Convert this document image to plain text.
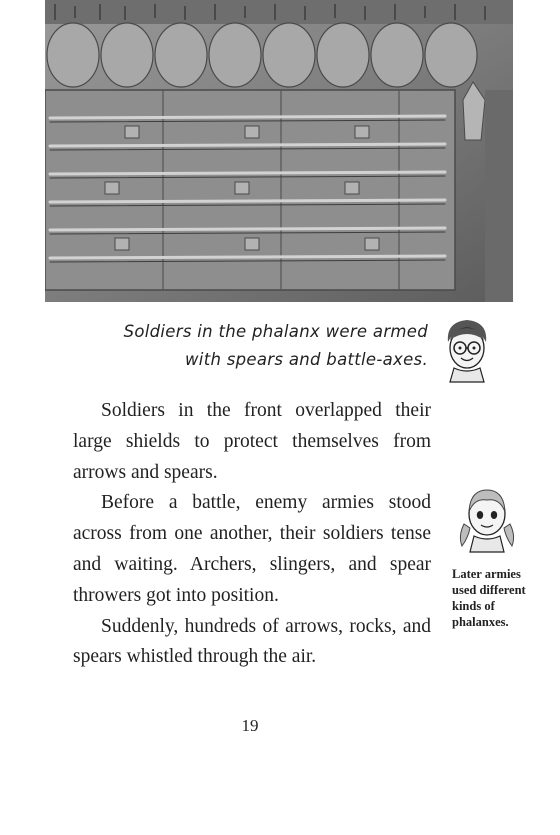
Soldiers in the phalanx were armed
with spears and battle-axes.

Soldiers in the front overlapped their large shields to protect themselves from arrows and spears.

Before a battle, enemy armies stood across from one another, their soldiers tense and waiting. Archers, slingers, and spear throwers got into position.

Suddenly, hundreds of arrows, rocks, and spears whistled through the air.

Later armies used different kinds of phalanxes.
19
